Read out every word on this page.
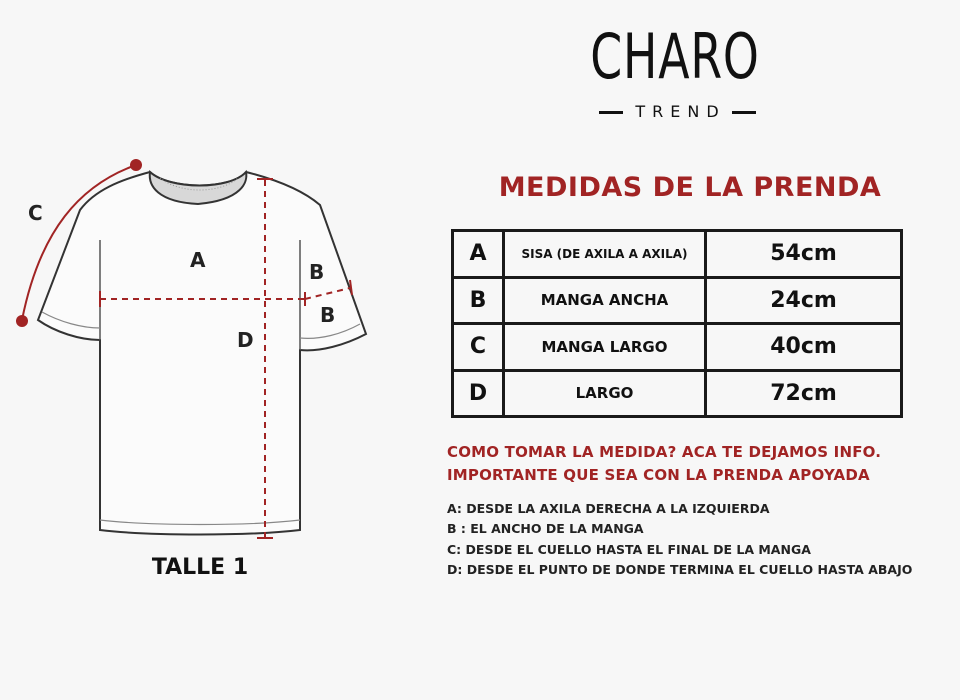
A	B
B
C
D
TALLE 1
CHARO
TREND
MEDIDAS DE LA PRENDA
A	SISA (DE AXILA A AXILA)	54cm
B	MANGA ANCHA	24cm
C	MANGA LARGO	40cm
D	LARGO	72cm
COMO TOMAR LA MEDIDA? ACA TE DEJAMOS INFO.
IMPORTANTE QUE SEA CON LA PRENDA APOYADA
A: DESDE LA AXILA DERECHA A LA IZQUIERDA
B : EL ANCHO DE LA MANGA
C: DESDE EL CUELLO HASTA EL FINAL DE LA MANGA
D: DESDE EL PUNTO DE DONDE TERMINA EL CUELLO HASTA ABAJO
